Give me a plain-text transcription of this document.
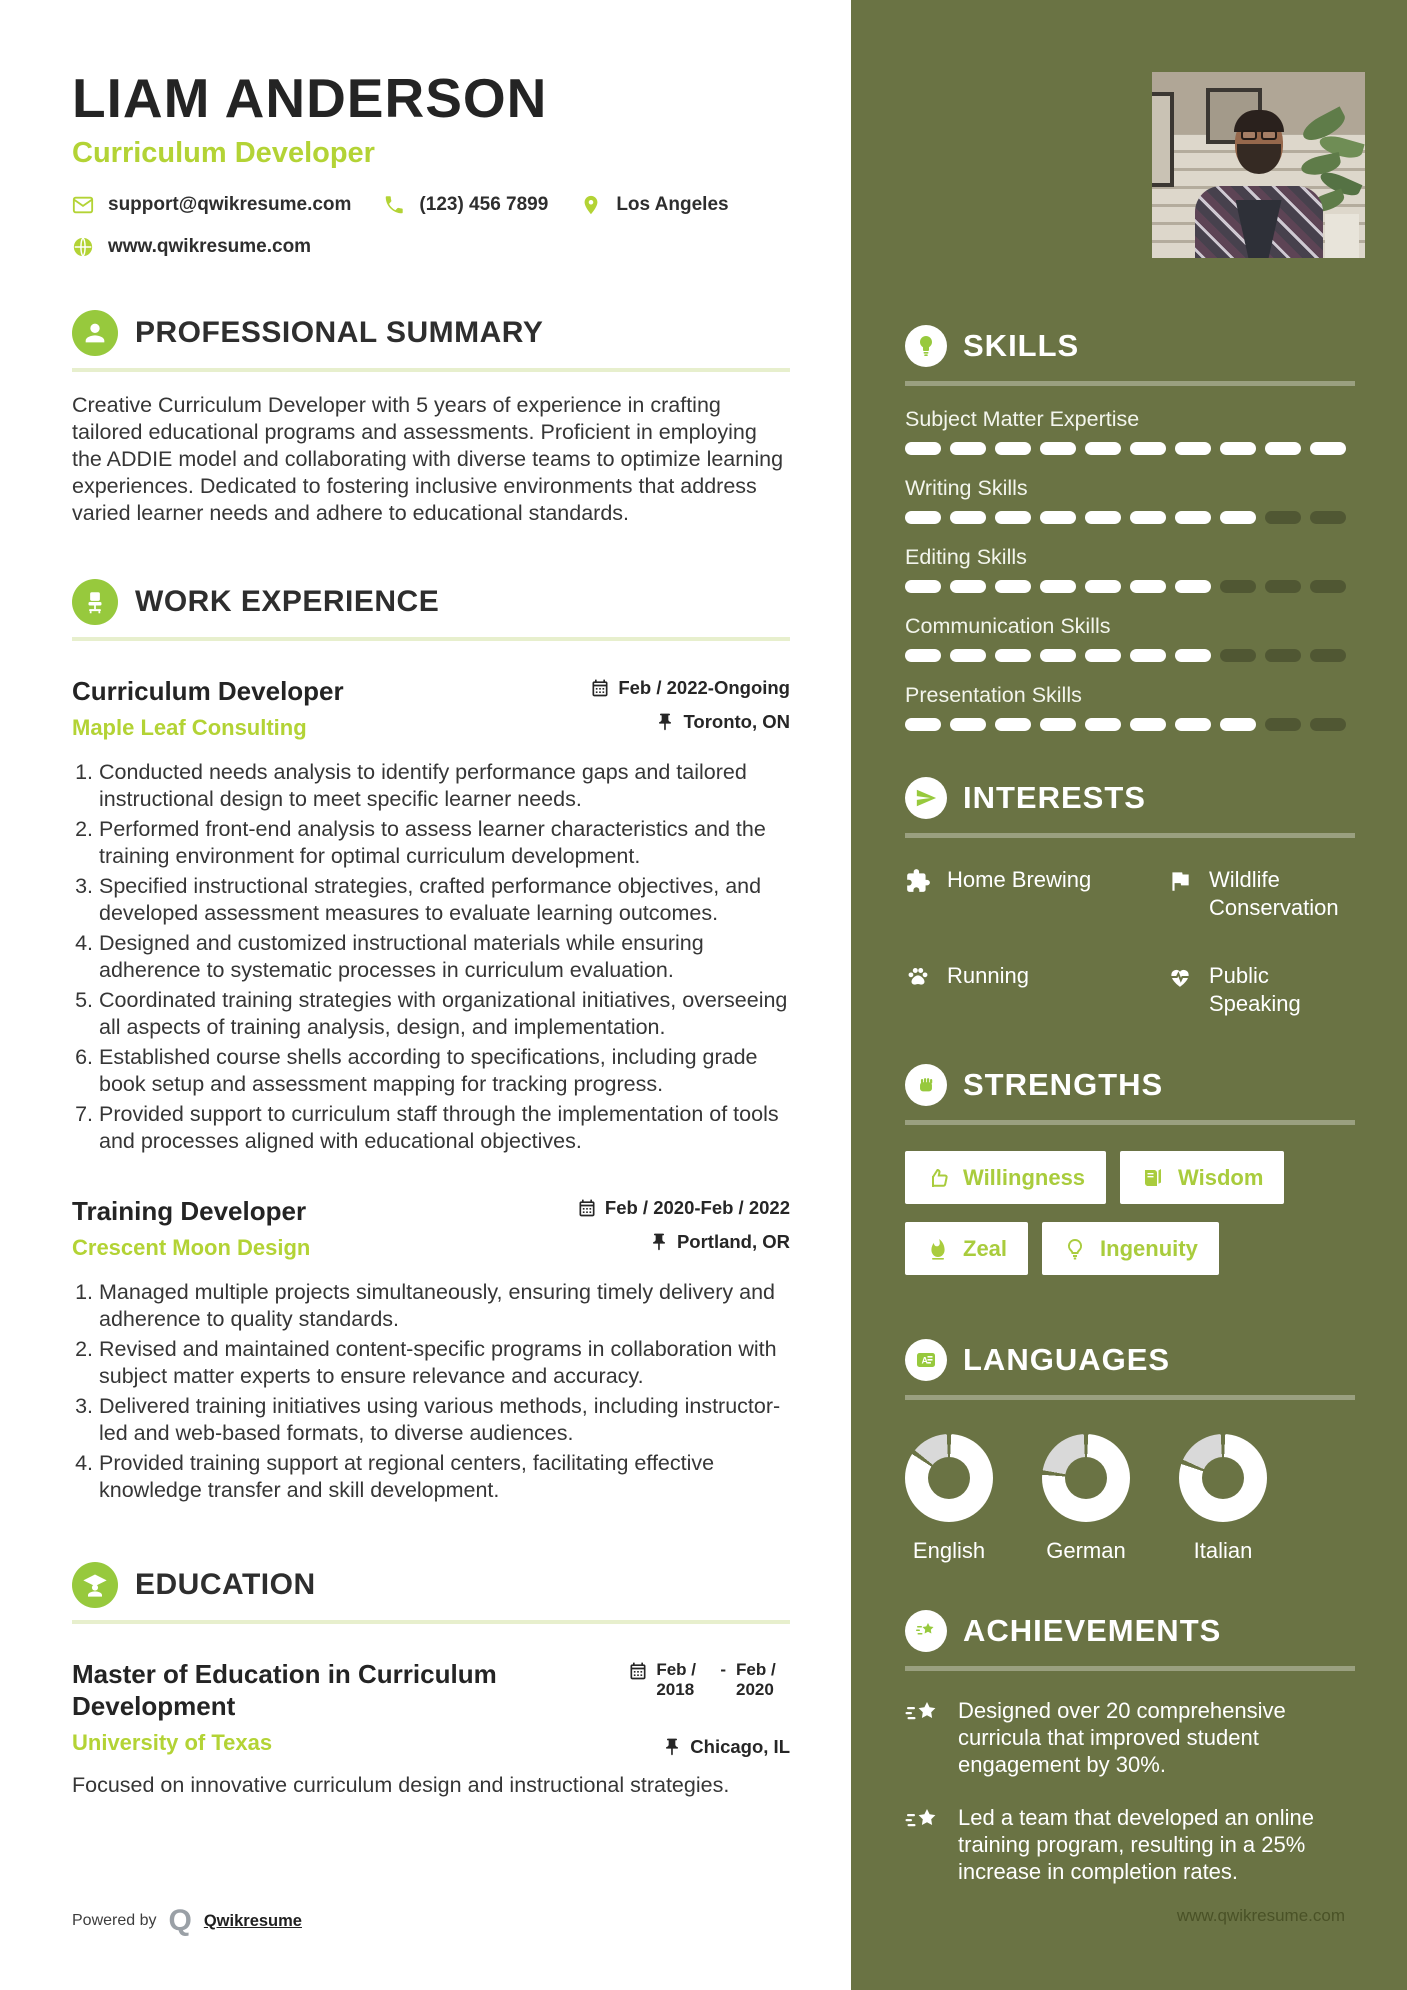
LIAM ANDERSON
Curriculum Developer
support@qwikresume.com	(123) 456 7899	Los Angeles
www.qwikresume.com
PROFESSIONAL SUMMARY

Creative Curriculum Developer with 5 years of experience in crafting tailored educational programs and assessments. Proficient in employing the ADDIE model and collaborating with diverse teams to optimize learning experiences. Dedicated to fostering inclusive environments that address varied learner needs and adhere to educational standards.

WORK EXPERIENCE
Curriculum Developer
Maple Leaf Consulting
Feb / 2022-Ongoing
Toronto, ON
1. Conducted needs analysis to identify performance gaps and tailored instructional design to meet specific learner needs.
2. Performed front-end analysis to assess learner characteristics and the training environment for optimal curriculum development.
3. Specified instructional strategies, crafted performance objectives, and developed assessment measures to evaluate learning outcomes.
4. Designed and customized instructional materials while ensuring adherence to systematic processes in curriculum evaluation.
5. Coordinated training strategies with organizational initiatives, overseeing all aspects of training analysis, design, and implementation.
6. Established course shells according to specifications, including grade book setup and assessment mapping for tracking progress.
7. Provided support to curriculum staff through the implementation of tools and processes aligned with educational objectives.
Training Developer
Crescent Moon Design
Feb / 2020-Feb / 2022
Portland, OR
1. Managed multiple projects simultaneously, ensuring timely delivery and adherence to quality standards.
2. Revised and maintained content-specific programs in collaboration with subject matter experts to ensure relevance and accuracy.
3. Delivered training initiatives using various methods, including instructor-led and web-based formats, to diverse audiences.
4. Provided training support at regional centers, facilitating effective knowledge transfer and skill development.
EDUCATION
Master of Education in Curriculum Development
University of Texas
Feb / 2018
- Feb / 2020
Chicago, IL

Focused on innovative curriculum design and instructional strategies.

Powered by Q Qwikresume
SKILLS
Subject Matter Expertise
Writing Skills
Editing Skills
Communication Skills
Presentation Skills
INTERESTS
Home Brewing	Wildlife Conservation
Running	Public Speaking
STRENGTHS
Willingness	Wisdom

Zeal	Ingenuity
A LANGUAGES
English	German	Italian
ACHIEVEMENTS
Designed over 20 comprehensive curricula that improved student engagement by 30%.
Led a team that developed an online training program, resulting in a 25% increase in completion rates.
www.qwikresume.com
